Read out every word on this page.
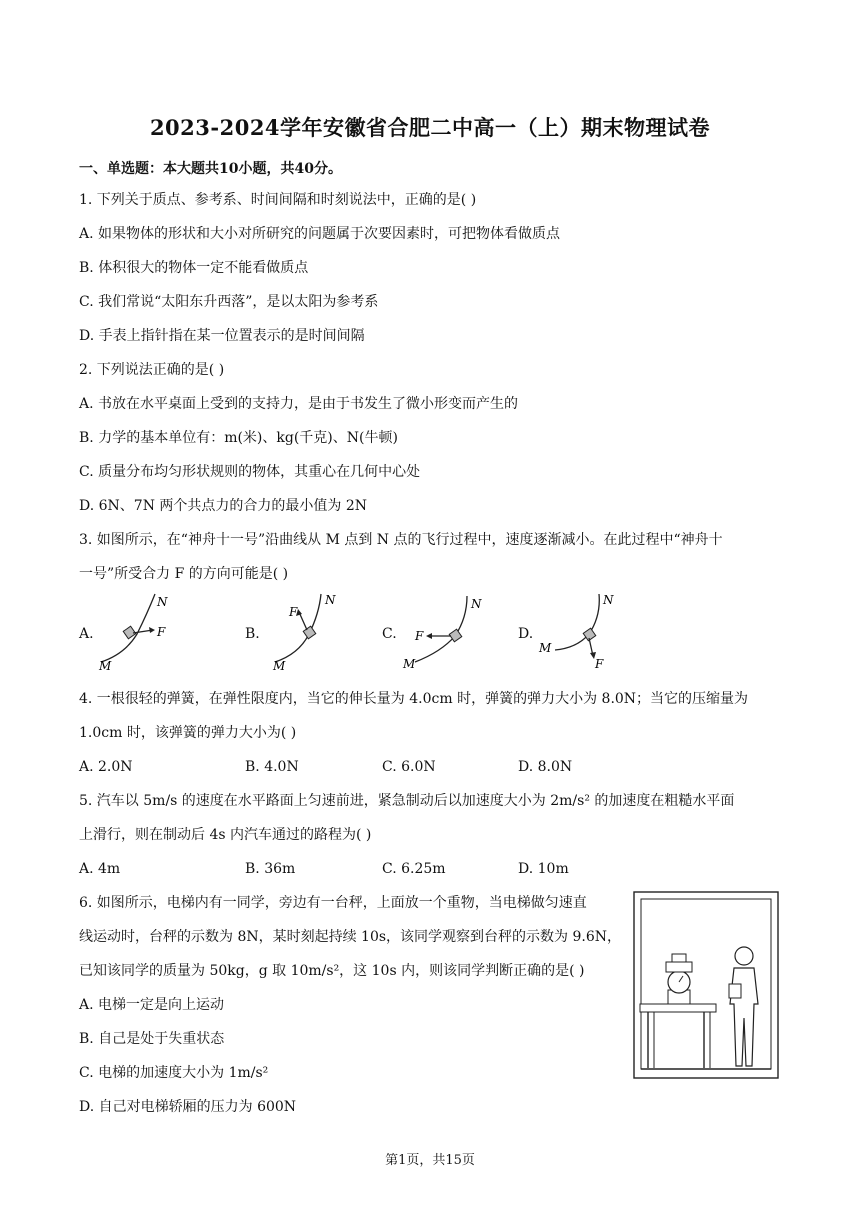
2023-2024学年安徽省合肥二中高一（上）期末物理试卷
一、单选题：本大题共10小题，共40分。
1. 下列关于质点、参考系、时间间隔和时刻说法中，正确的是( )
A. 如果物体的形状和大小对所研究的问题属于次要因素时，可把物体看做质点
B. 体积很大的物体一定不能看做质点
C. 我们常说“太阳东升西落”，是以太阳为参考系
D. 手表上指针指在某一位置表示的是时间间隔
2. 下列说法正确的是( )
A. 书放在水平桌面上受到的支持力，是由于书发生了微小形变而产生的
B. 力学的基本单位有：m(米)、kg(千克)、N(牛顿)
C. 质量分布均匀形状规则的物体，其重心在几何中心处
D. 6N、7N 两个共点力的合力的最小值为 2N
3. 如图所示，在“神舟十一号”沿曲线从 M 点到 N 点的飞行过程中，速度逐渐减小。在此过程中“神舟十
一号”所受合力 F 的方向可能是( )
A.
N
F
M
B.
N
F
M
C.
N
F
M
D.
N
F
M
4. 一根很轻的弹簧，在弹性限度内，当它的伸长量为 4.0cm 时，弹簧的弹力大小为 8.0N；当它的压缩量为
1.0cm 时，该弹簧的弹力大小为( )
A. 2.0N	B. 4.0N	C. 6.0N	D. 8.0N
5. 汽车以 5m/s 的速度在水平路面上匀速前进，紧急制动后以加速度大小为 2m/s² 的加速度在粗糙水平面
上滑行，则在制动后 4s 内汽车通过的路程为( )
A. 4m	B. 36m	C. 6.25m	D. 10m
6. 如图所示，电梯内有一同学，旁边有一台秤，上面放一个重物，当电梯做匀速直
线运动时，台秤的示数为 8N，某时刻起持续 10s，该同学观察到台秤的示数为 9.6N，
已知该同学的质量为 50kg，g 取 10m/s²，这 10s 内，则该同学判断正确的是( )
A. 电梯一定是向上运动
B. 自己是处于失重状态
C. 电梯的加速度大小为 1m/s²
D. 自己对电梯轿厢的压力为 600N
第1页，共15页
